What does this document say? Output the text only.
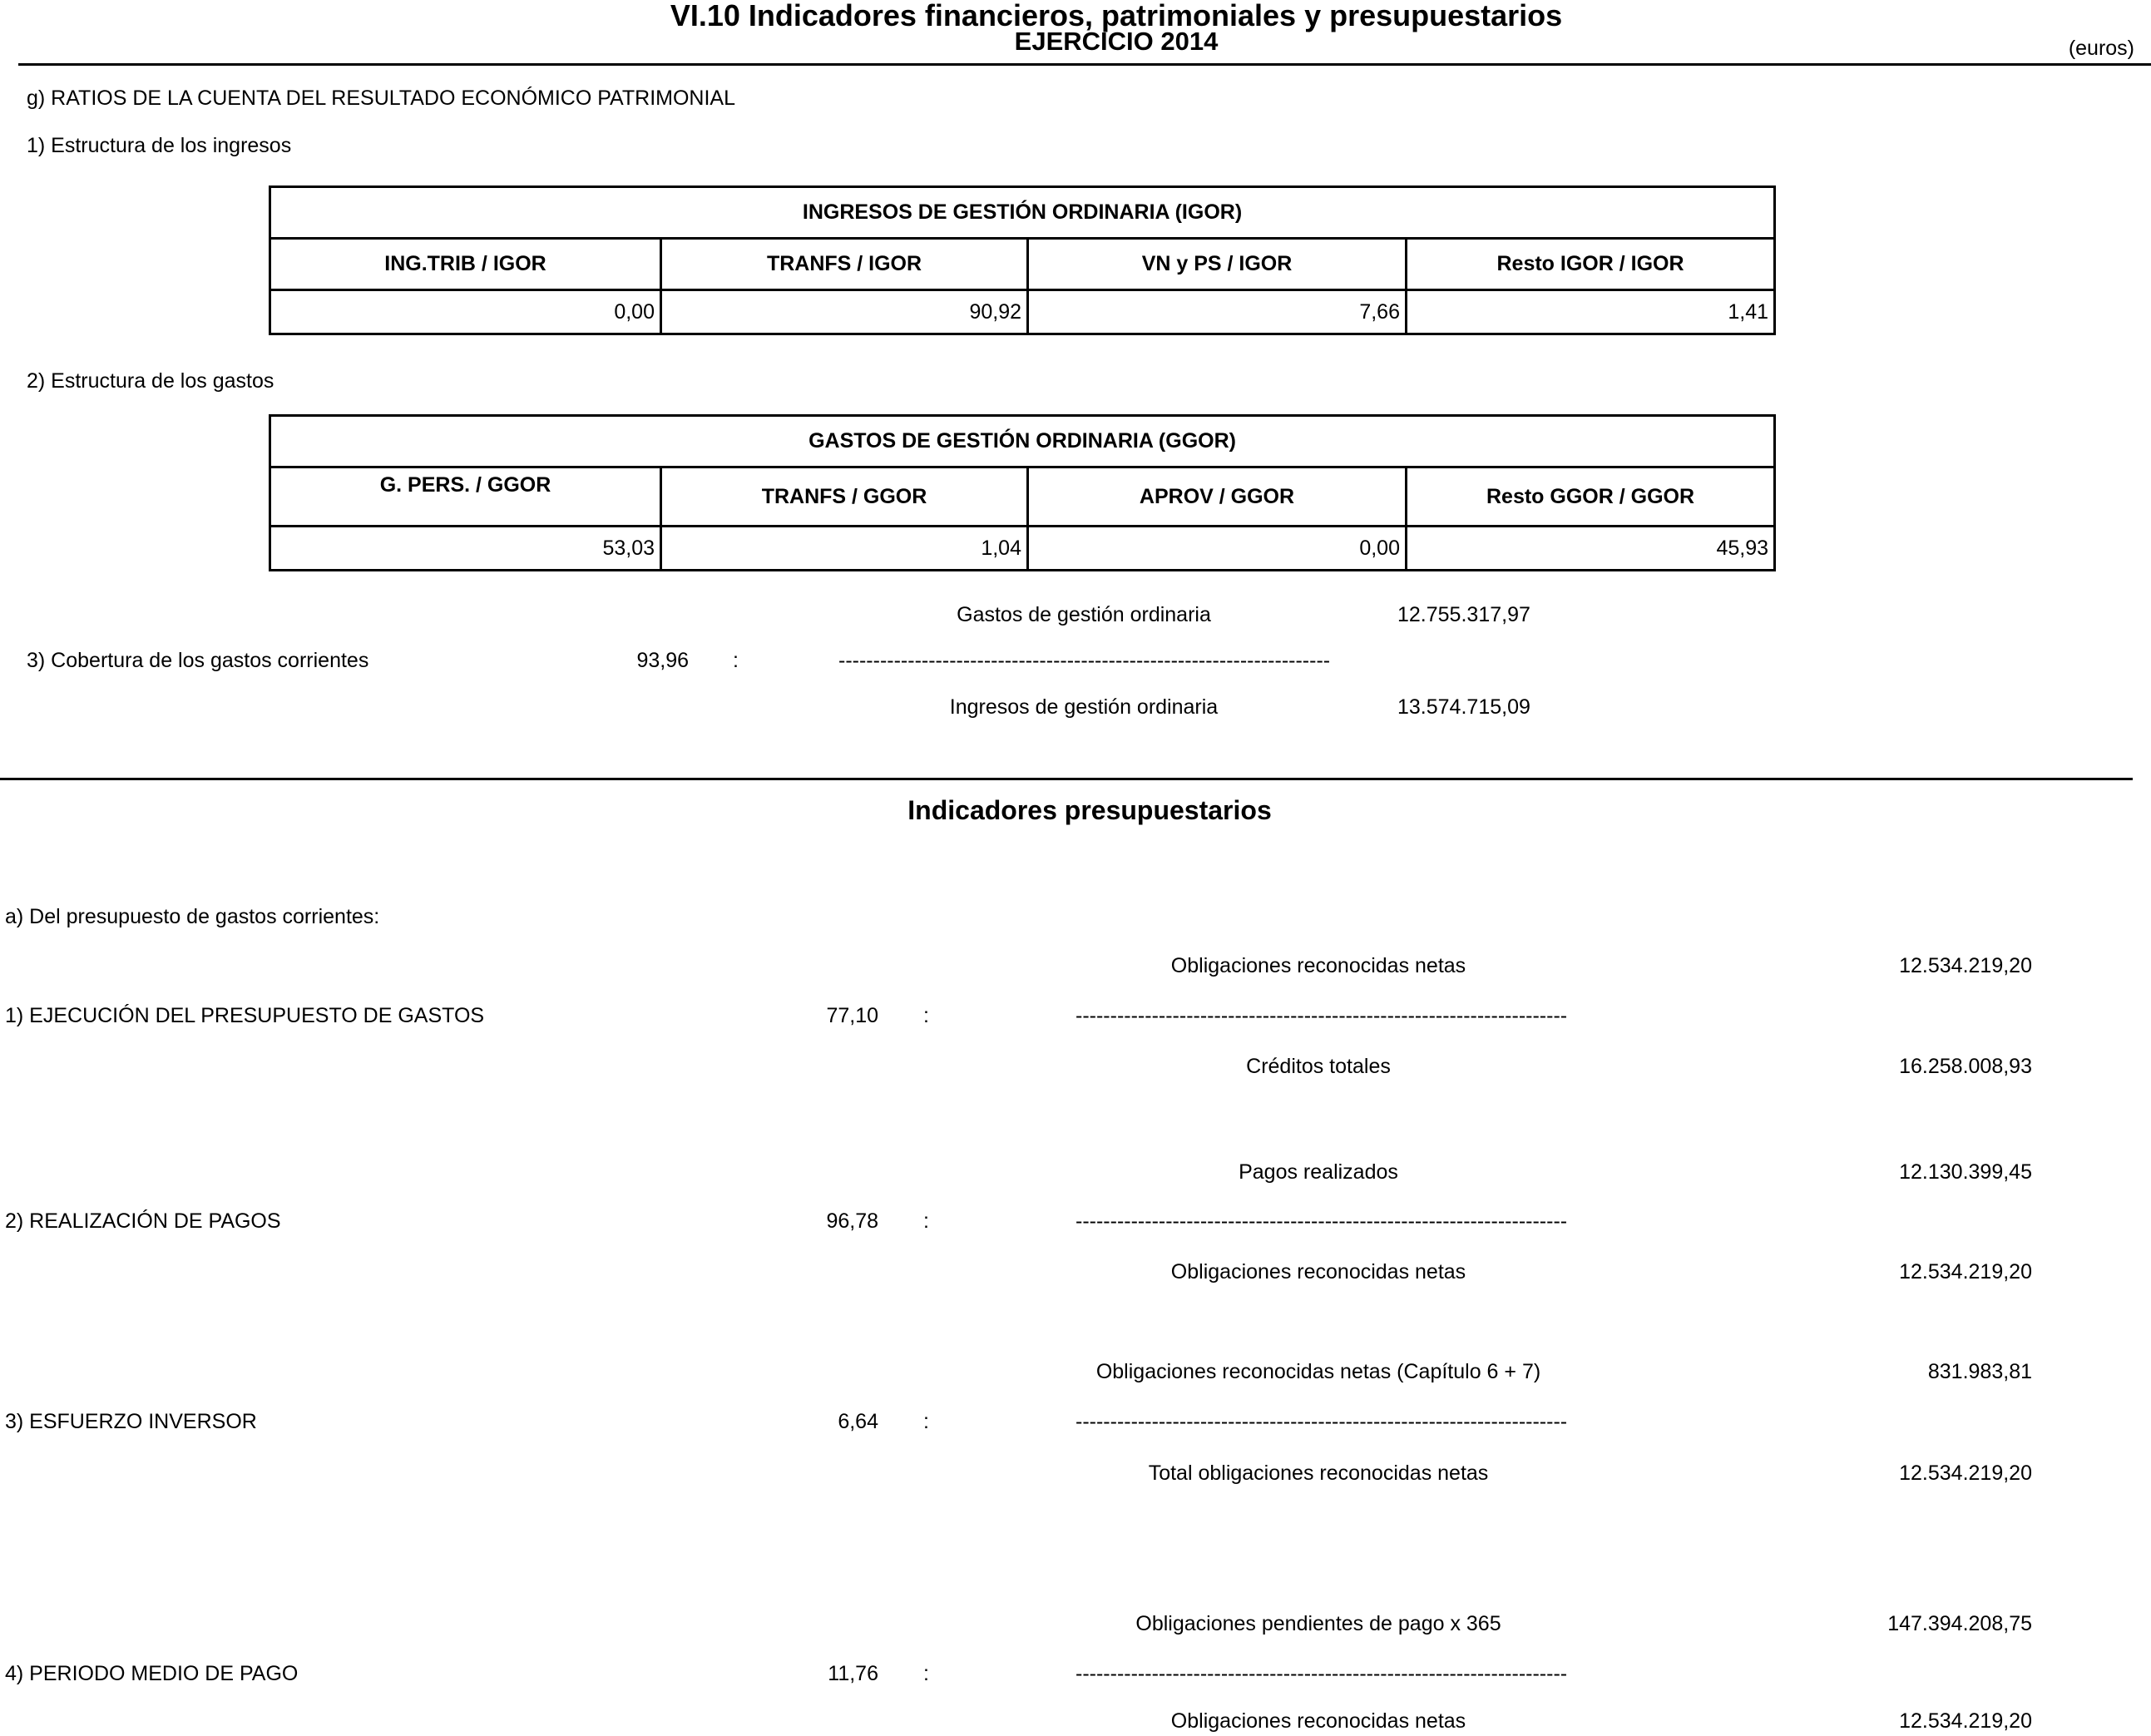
VI.10 Indicadores financieros, patrimoniales y presupuestarios
EJERCICIO 2014	(euros)
g) RATIOS DE LA CUENTA DEL RESULTADO ECONÓMICO PATRIMONIAL
1) Estructura de los ingresos
INGRESOS DE GESTIÓN ORDINARIA (IGOR)			
ING.TRIB / IGOR	TRANFS / IGOR	VN y PS / IGOR	Resto IGOR / IGOR
0,00	90,92	7,66	1,41
2) Estructura de los gastos
GASTOS DE GESTIÓN ORDINARIA (GGOR)			
G. PERS. / GGOR	TRANFS / GGOR	APROV / GGOR	Resto GGOR / GGOR
53,03	1,04	0,00	45,93
Gastos de gestión ordinaria	12.755.317,97
3) Cobertura de los gastos corrientes	93,96 :	-----------------------------------------------------------------------
Ingresos de gestión ordinaria	13.574.715,09
Indicadores presupuestarios
a) Del presupuesto de gastos corrientes:
Obligaciones reconocidas netas	12.534.219,20
1) EJECUCIÓN DEL PRESUPUESTO DE GASTOS	77,10 :	-----------------------------------------------------------------------
Créditos totales	16.258.008,93
Pagos realizados	12.130.399,45
2) REALIZACIÓN DE PAGOS	96,78 :	-----------------------------------------------------------------------
Obligaciones reconocidas netas	12.534.219,20
Obligaciones reconocidas netas (Capítulo 6 + 7)	831.983,81
3) ESFUERZO INVERSOR	6,64 :	-----------------------------------------------------------------------
Total obligaciones reconocidas netas	12.534.219,20
Obligaciones pendientes de pago x 365	147.394.208,75
4) PERIODO MEDIO DE PAGO	11,76 :	-----------------------------------------------------------------------
Obligaciones reconocidas netas	12.534.219,20
